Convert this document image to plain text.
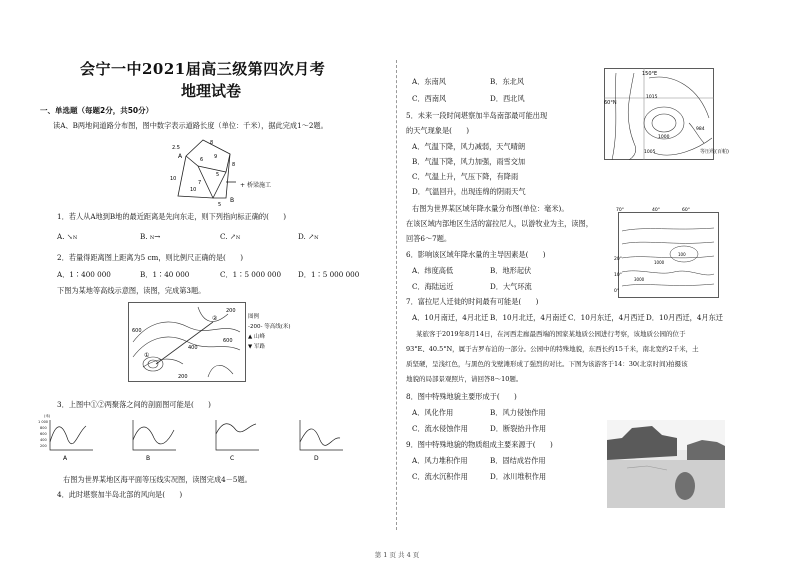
会宁一中2021届高三级第四次月考
地理试卷
一、单选题（每题2分，共50分）
读A、B两地间道路分布图，图中数字表示道路长度（单位：千米），据此完成1～2题。
A
B
2.5
8
9
6
10
7
5
8
10
5
+ 桥梁施工
1．若人从A地到B地的最近距离是先向东走，则下列指向标正确的(　　)
A. ↘N	B. N→	C. ↗N	D. ↗N
2．若量得距离图上距离为5 cm，则比例尺正确的是(　　)
A．1∶400 000	B．1∶40 000	C．1∶5 000 000 D．1∶5 000 000
下图为某地等高线示意图，读图，完成第3题。
600
400
200
600
200
①
②	图例
-200- 等高线(米)
▲ 山峰
▼ 军路
3．上图中①②两聚落之间的剖面图可能是(　　)
(米)
1 000
800
600
400
200
A	B	C	D
右图为世界某地区海平面等压线实况图，读图完成4－5题。
4．此时堪察加半岛北部的风向是(　　)
第 1 页 共 4 页
A．东南风	B．东北风
C．西南风	D．西北风
5．未来一段时间堪察加半岛南部最可能出现
的天气现象是(　　)
A．气温下降，风力减弱，天气晴朗
B．气温下降，风力加强，雨雪交加
C．气温上升，气压下降，有降雨
D．气温回升，出现连绵的阴雨天气
150°E
60°N
1015
1000
1005
984
等压线(百帕)
右图为世界某区域年降水量分布图(单位：毫米)。
在该区域内部地区生活的富拉尼人，以游牧业为主，读图，
回答6～7题。
70°	40°	60°
20°
10°
0°
3000
1000
100
6．影响该区域年降水量的主导因素是(　　)
A．纬度高低	B．地形起伏
C．海陆远近	D．大气环流
7．富拉尼人迁徙的时间最有可能是(　　)
A．10月南迁，4月北迁 B．10月北迁，4月南迁 C．10月东迁，4月西迁 D．10月西迁，4月东迁
某旅客于2019年8月14日，在河西走廊最西端的国家某地质公园进行考察，该地质公园的位于
93°E、40.5°N，属于古罗布泊的一部分。公园中的特殊地貌，东西长约15千米，南北宽约2千米，土
质坚硬，呈浅红色，与黑色的戈壁滩形成了强烈的对比。下图为该游客于14：30(北京时间)拍摄该
地貌的局部景观照片，请回答8～10题。
8．图中特殊地貌主要形成于(　　)
A．风化作用	B．风力侵蚀作用
C．流水侵蚀作用	D．断裂抬升作用
9．图中特殊地貌的物质组成主要来源于(　　)
A．风力堆积作用	B．固结成岩作用
C．流水沉积作用	D．冰川堆积作用
